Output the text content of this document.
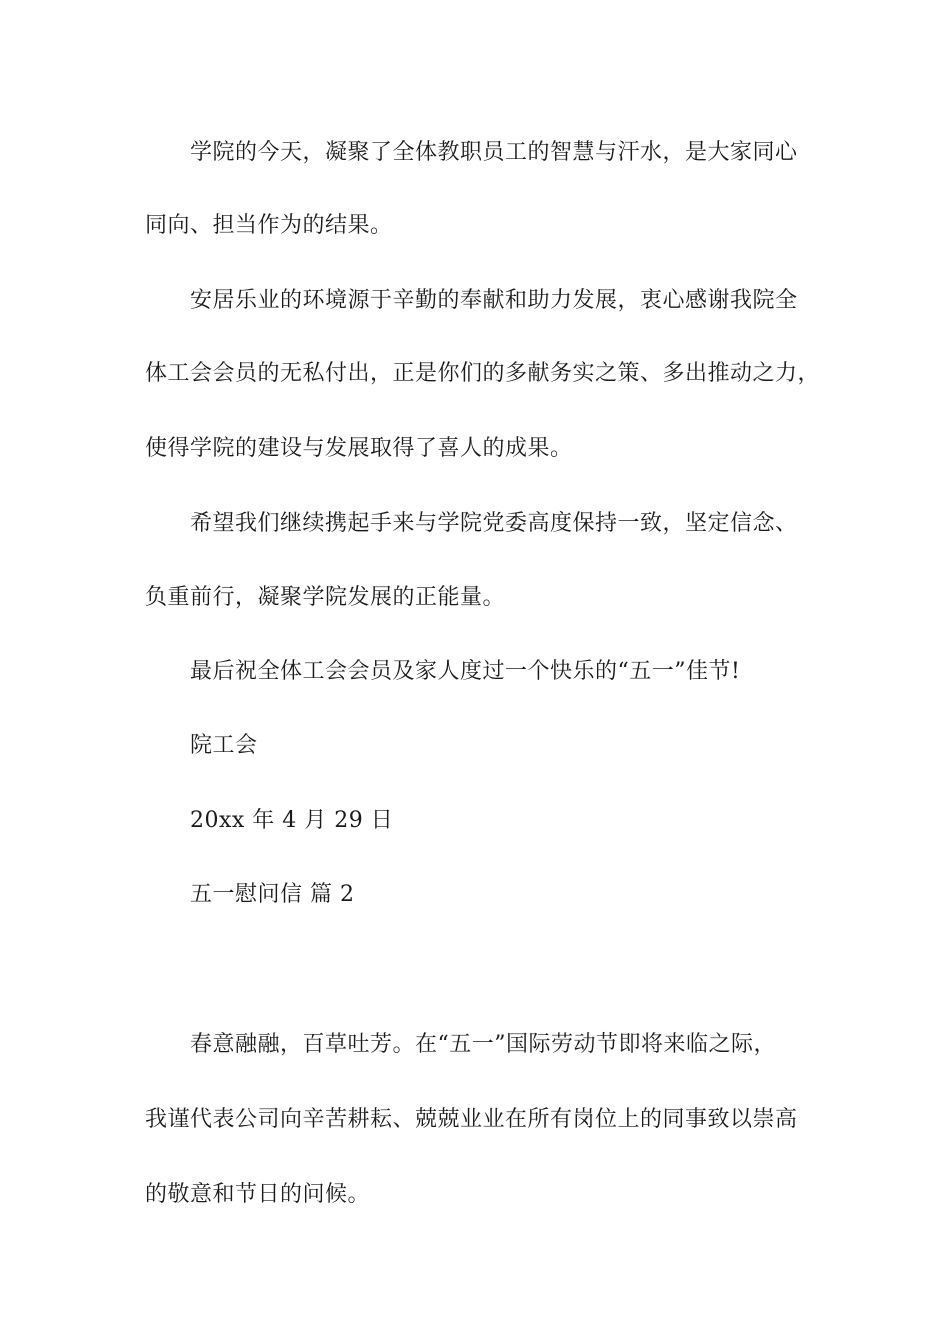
学院的今天，凝聚了全体教职员工的智慧与汗水，是大家同心
同向、担当作为的结果。
安居乐业的环境源于辛勤的奉献和助力发展，衷心感谢我院全
体工会会员的无私付出，正是你们的多献务实之策、多出推动之力，
使得学院的建设与发展取得了喜人的成果。
希望我们继续携起手来与学院党委高度保持一致，坚定信念、
负重前行，凝聚学院发展的正能量。
最后祝全体工会会员及家人度过一个快乐的“五一”佳节!
院工会
20xx 年 4 月 29 日
五一慰问信 篇 2
春意融融，百草吐芳。在“五一”国际劳动节即将来临之际，
我谨代表公司向辛苦耕耘、兢兢业业在所有岗位上的同事致以崇高
的敬意和节日的问候。
